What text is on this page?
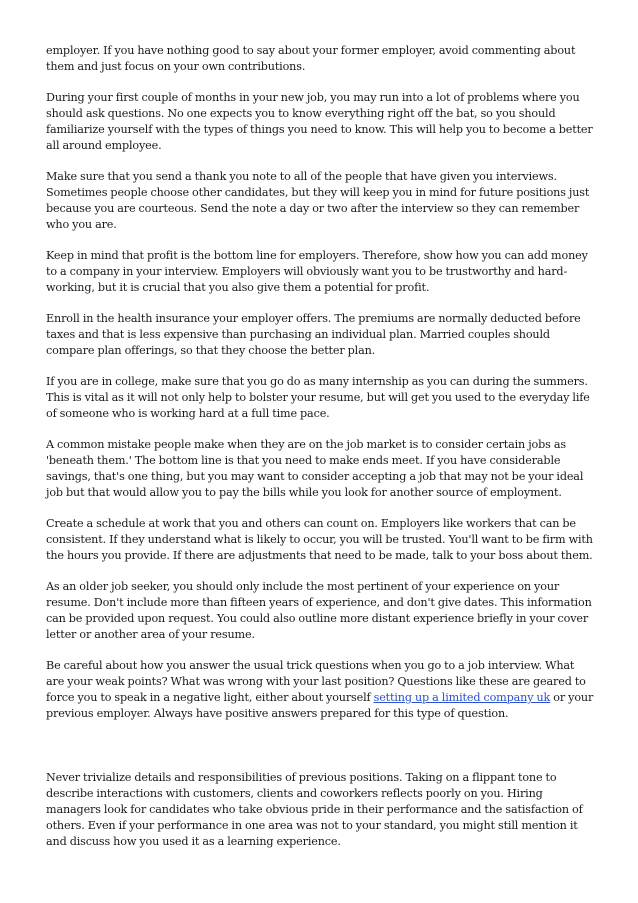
employer. If you have nothing good to say about your former employer, avoid commenting about them and just focus on your own contributions.

During your first couple of months in your new job, you may run into a lot of problems where you should ask questions. No one expects you to know everything right off the bat, so you should familiarize yourself with the types of things you need to know. This will help you to become a better all around employee.

Make sure that you send a thank you note to all of the people that have given you interviews. Sometimes people choose other candidates, but they will keep you in mind for future positions just because you are courteous. Send the note a day or two after the interview so they can remember who you are.

Keep in mind that profit is the bottom line for employers. Therefore, show how you can add money to a company in your interview. Employers will obviously want you to be trustworthy and hard-working, but it is crucial that you also give them a potential for profit.

Enroll in the health insurance your employer offers. The premiums are normally deducted before taxes and that is less expensive than purchasing an individual plan. Married couples should compare plan offerings, so that they choose the better plan.

If you are in college, make sure that you go do as many internship as you can during the summers. This is vital as it will not only help to bolster your resume, but will get you used to the everyday life of someone who is working hard at a full time pace.

A common mistake people make when they are on the job market is to consider certain jobs as 'beneath them.' The bottom line is that you need to make ends meet. If you have considerable savings, that's one thing, but you may want to consider accepting a job that may not be your ideal job but that would allow you to pay the bills while you look for another source of employment.

Create a schedule at work that you and others can count on. Employers like workers that can be consistent. If they understand what is likely to occur, you will be trusted. You'll want to be firm with the hours you provide. If there are adjustments that need to be made, talk to your boss about them.

As an older job seeker, you should only include the most pertinent of your experience on your resume. Don't include more than fifteen years of experience, and don't give dates. This information can be provided upon request. You could also outline more distant experience briefly in your cover letter or another area of your resume.

Be careful about how you answer the usual trick questions when you go to a job interview. What are your weak points? What was wrong with your last position? Questions like these are geared to force you to speak in a negative light, either about yourself setting up a limited company uk or your previous employer. Always have positive answers prepared for this type of question.

Never trivialize details and responsibilities of previous positions. Taking on a flippant tone to describe interactions with customers, clients and coworkers reflects poorly on you. Hiring managers look for candidates who take obvious pride in their performance and the satisfaction of others. Even if your performance in one area was not to your standard, you might still mention it and discuss how you used it as a learning experience.
